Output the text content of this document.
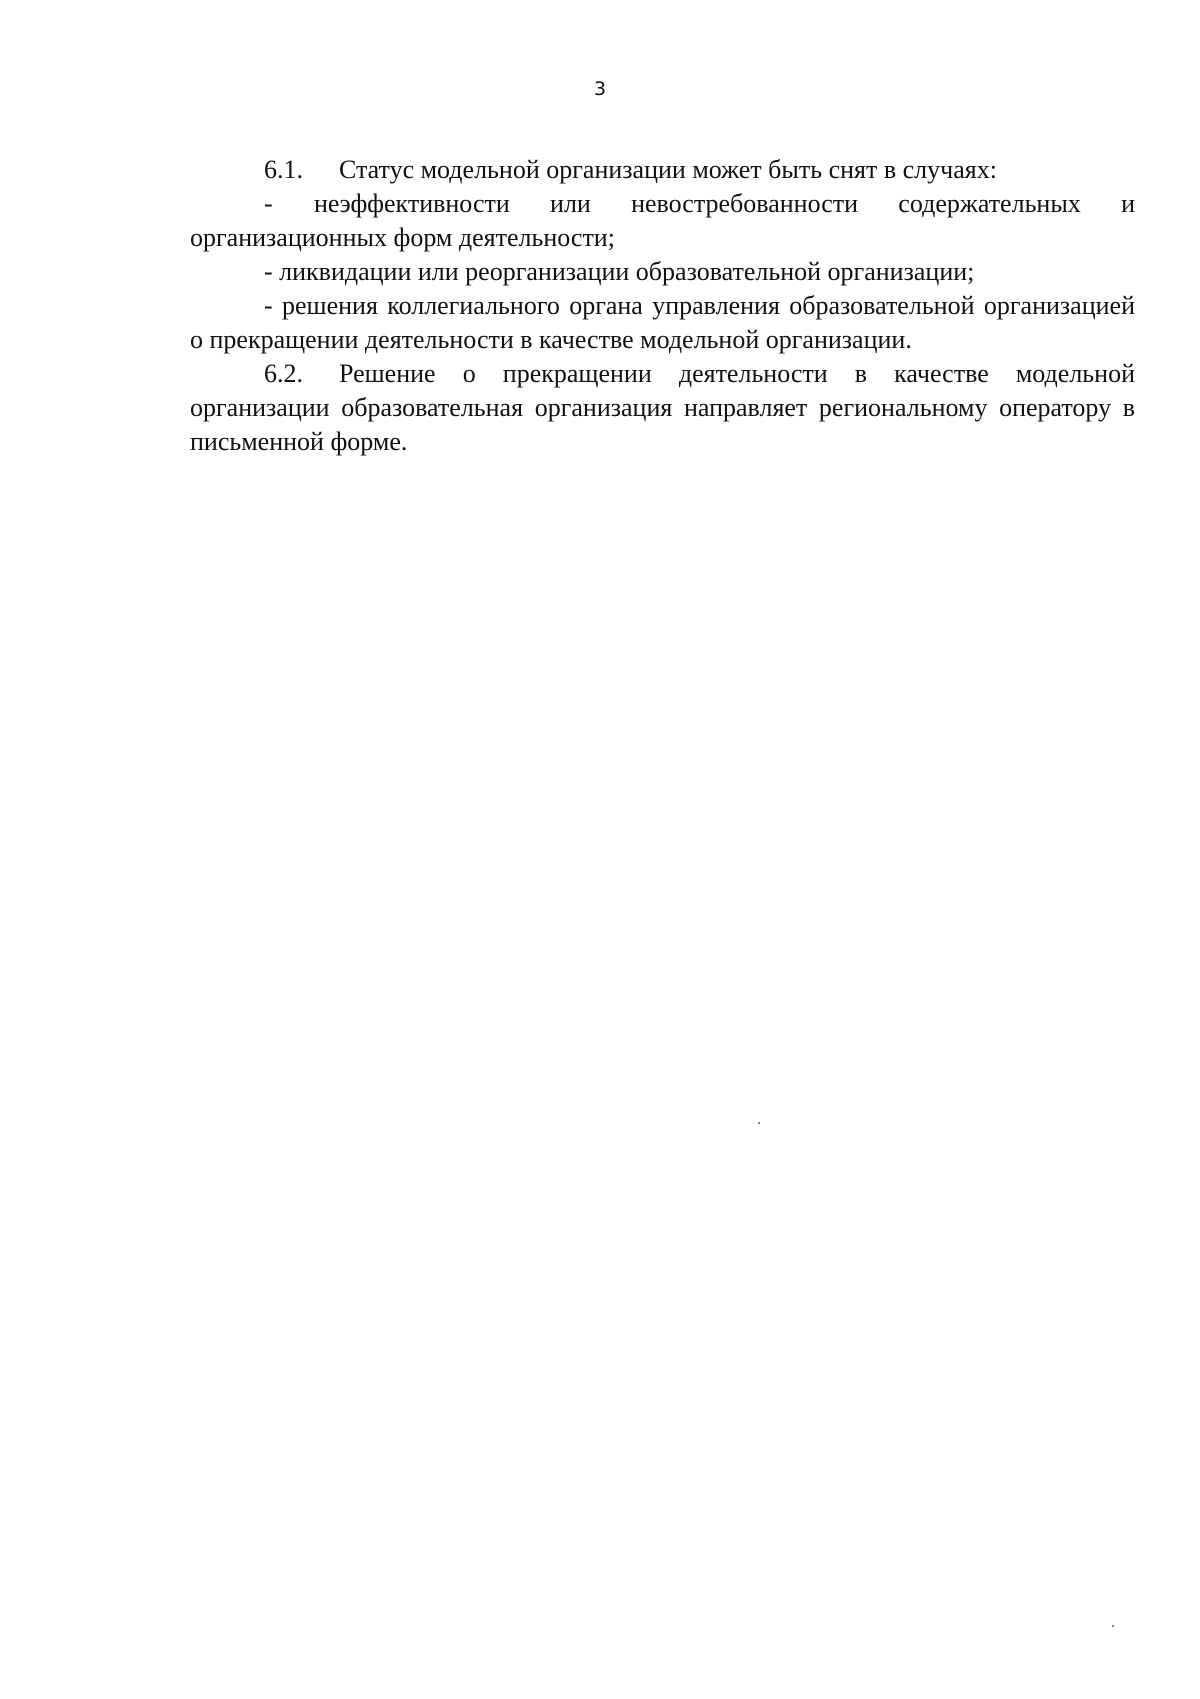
3

6.1. Статус модельной организации может быть снят в случаях:

- неэффективности или невостребованности содержательных и организационных форм деятельности;

- ликвидации или реорганизации образовательной организации;

- решения коллегиального органа управления образовательной организацией о прекращении деятельности в качестве модельной организации.

6.2. Решение о прекращении деятельности в качестве модельной организации образовательная организация направляет региональному оператору в письменной форме.
